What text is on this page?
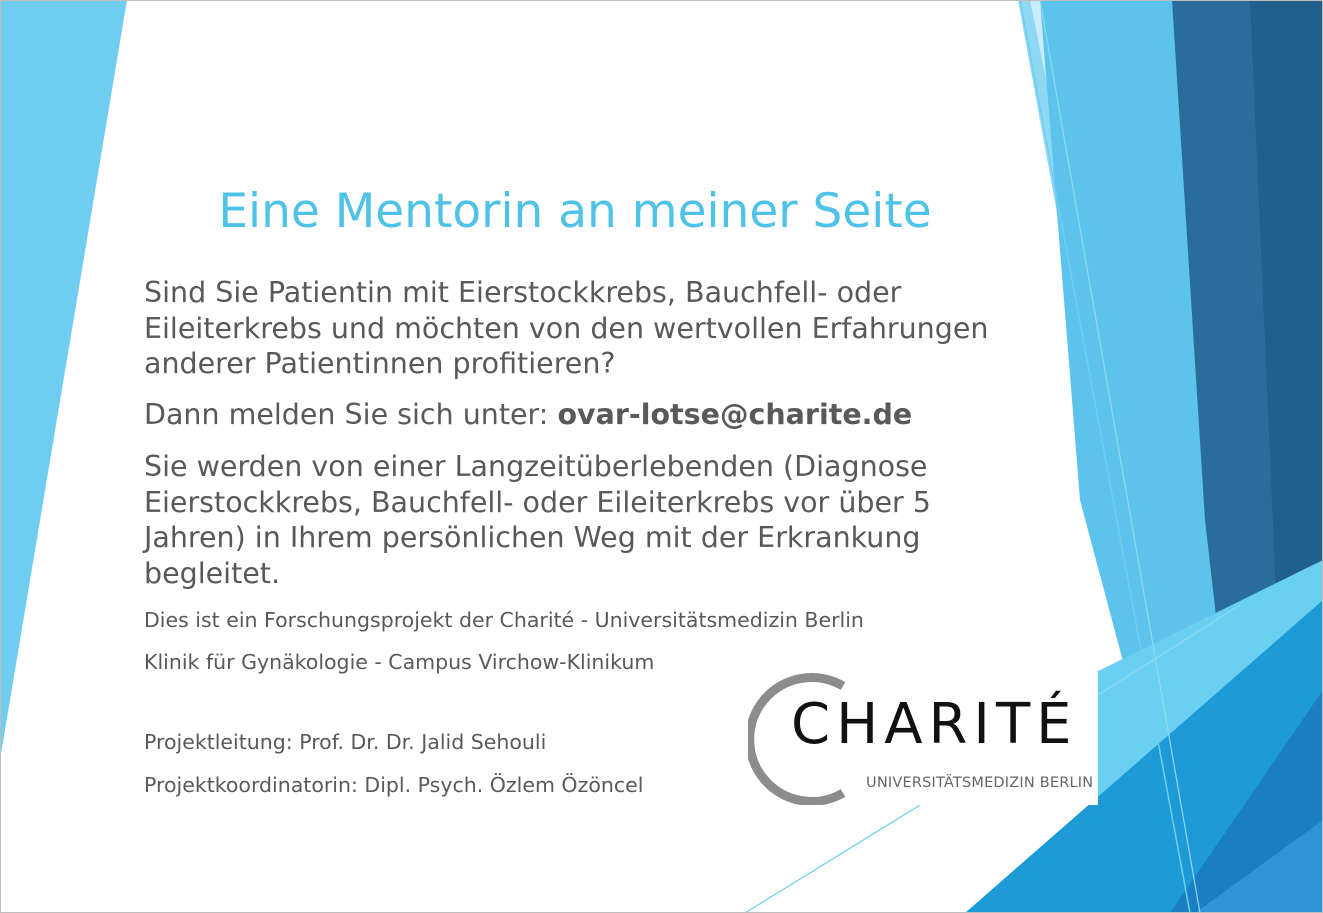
Eine Mentorin an meiner Seite
Sind Sie Patientin mit Eierstockkrebs, Bauchfell- oder
Eileiterkrebs und möchten von den wertvollen Erfahrungen
anderer Patientinnen profitieren?
Dann melden Sie sich unter: ovar-lotse@charite.de
Sie werden von einer Langzeitüberlebenden (Diagnose
Eierstockkrebs, Bauchfell- oder Eileiterkrebs vor über 5
Jahren) in Ihrem persönlichen Weg mit der Erkrankung
begleitet.
Dies ist ein Forschungsprojekt der Charité - Universitätsmedizin Berlin
Klinik für Gynäkologie - Campus Virchow-Klinikum
Projektleitung: Prof. Dr. Dr. Jalid Sehouli
Projektkoordinatorin: Dipl. Psych. Özlem Özöncel
CHARITÉ
UNIVERSITÄTSMEDIZIN BERLIN
